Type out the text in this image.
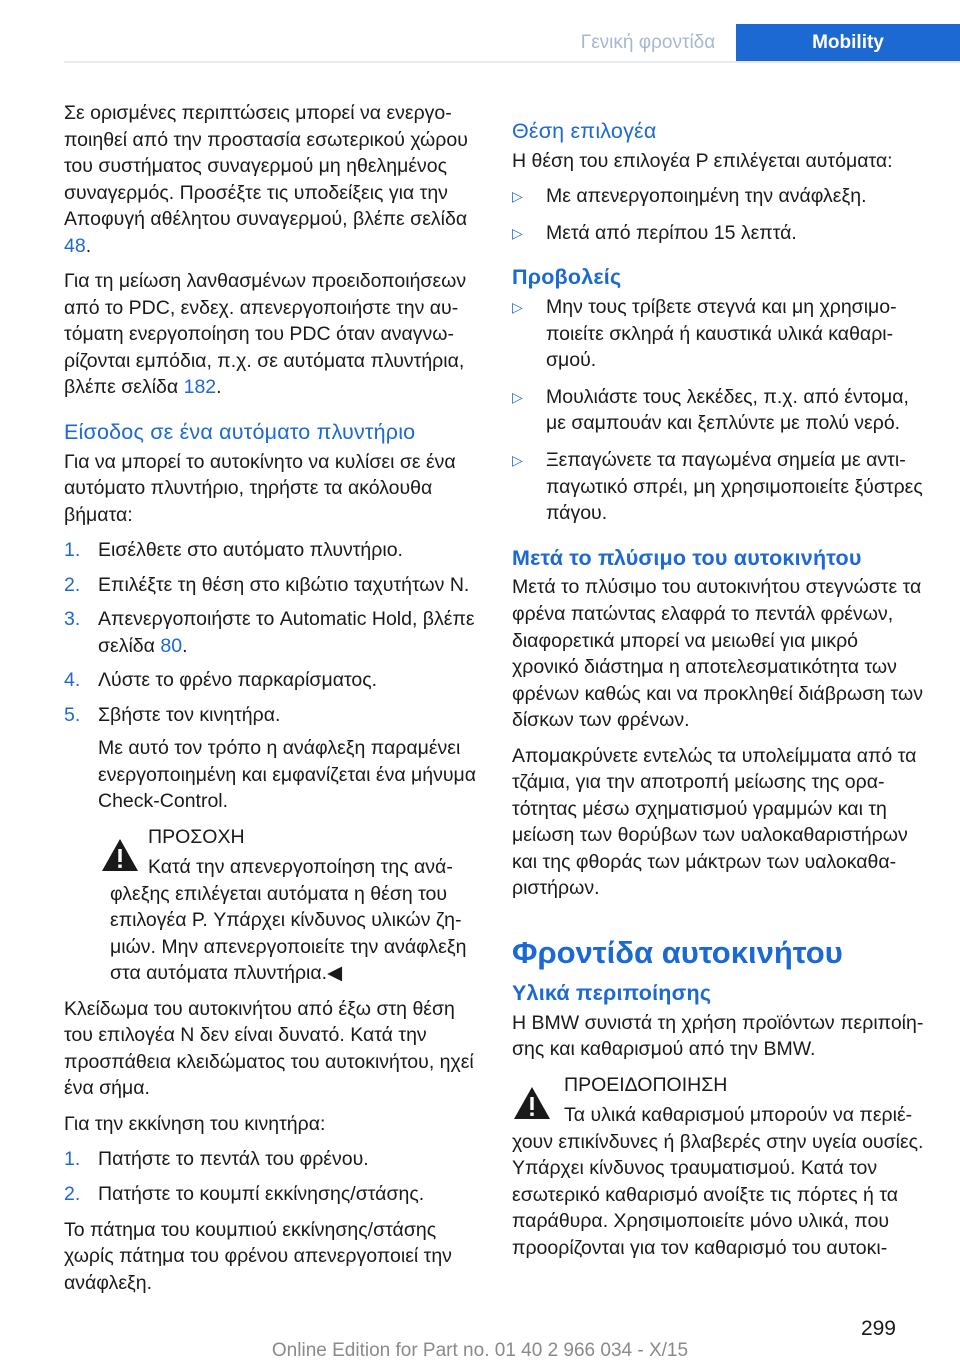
Γενική φροντίδα	Mobility

Σε ορισμένες περιπτώσεις μπορεί να ενεργοποιηθεί από την προστασία εσωτερικού χώρου του συστήματος συναγερμού μη ηθελημένος συναγερμός. Προσέξτε τις υποδείξεις για την Αποφυγή αθέλητου συναγερμού, βλέπε σελίδα 48.

Για τη μείωση λανθασμένων προειδοποιήσεων από το PDC, ενδεχ. απενεργοποιήστε την αυτόματη ενεργοποίηση του PDC όταν αναγνωρίζονται εμπόδια, π.χ. σε αυτόματα πλυντήρια, βλέπε σελίδα 182.

Είσοδος σε ένα αυτόματο πλυντήριο

Για να μπορεί το αυτοκίνητο να κυλίσει σε ένα αυτόματο πλυντήριο, τηρήστε τα ακόλουθα βήματα:

1. Εισέλθετε στο αυτόματο πλυντήριο.
2. Επιλέξτε τη θέση στο κιβώτιο ταχυτήτων N.
3. Απενεργοποιήστε το Automatic Hold, βλέπε σελίδα 80.
4. Λύστε το φρένο παρκαρίσματος.
5. Σβήστε τον κινητήρα.

Με αυτό τον τρόπο η ανάφλεξη παραμένει ενεργοποιημένη και εμφανίζεται ένα μήνυμα Check-Control.

ΠΡΟΣΟΧΗ

Κατά την απενεργοποίηση της ανάφλεξης επιλέγεται αυτόματα η θέση του επιλογέα P. Υπάρχει κίνδυνος υλικών ζημιών. Μην απενεργοποιείτε την ανάφλεξη στα αυτόματα πλυντήρια.◀

Κλείδωμα του αυτοκινήτου από έξω στη θέση του επιλογέα N δεν είναι δυνατό. Κατά την προσπάθεια κλειδώματος του αυτοκινήτου, ηχεί ένα σήμα.

Για την εκκίνηση του κινητήρα:

1. Πατήστε το πεντάλ του φρένου.
2. Πατήστε το κουμπί εκκίνησης/στάσης.

Το πάτημα του κουμπιού εκκίνησης/στάσης χωρίς πάτημα του φρένου απενεργοποιεί την ανάφλεξη.

Θέση επιλογέα

Η θέση του επιλογέα P επιλέγεται αυτόματα:

▷	Με απενεργοποιημένη την ανάφλεξη.
▷	Μετά από περίπου 15 λεπτά.
Προβολείς
▷	Μην τους τρίβετε στεγνά και μη χρησιμοποιείτε σκληρά ή καυστικά υλικά καθαρισμού.
▷	Μουλιάστε τους λεκέδες, π.χ. από έντομα, με σαμπουάν και ξεπλύντε με πολύ νερό.
▷	Ξεπαγώνετε τα παγωμένα σημεία με αντιπαγωτικό σπρέι, μη χρησιμοποιείτε ξύστρες πάγου.
Μετά το πλύσιμο του αυτοκινήτου

Μετά το πλύσιμο του αυτοκινήτου στεγνώστε τα φρένα πατώντας ελαφρά το πεντάλ φρένων, διαφορετικά μπορεί να μειωθεί για μικρό χρονικό διάστημα η αποτελεσματικότητα των φρένων καθώς και να προκληθεί διάβρωση των δίσκων των φρένων.

Απομακρύνετε εντελώς τα υπολείμματα από τα τζάμια, για την αποτροπή μείωσης της ορατότητας μέσω σχηματισμού γραμμών και τη μείωση των θορύβων των υαλοκαθαριστήρων και της φθοράς των μάκτρων των υαλοκαθαριστήρων.

Φροντίδα αυτοκινήτου
Υλικά περιποίησης

Η BMW συνιστά τη χρήση προϊόντων περιποίησης και καθαρισμού από την BMW.

ΠΡΟΕΙΔΟΠΟΙΗΣΗ

Τα υλικά καθαρισμού μπορούν να περιέχουν επικίνδυνες ή βλαβερές στην υγεία ουσίες. Υπάρχει κίνδυνος τραυματισμού. Κατά τον εσωτερικό καθαρισμό ανοίξτε τις πόρτες ή τα παράθυρα. Χρησιμοποιείτε μόνο υλικά, που προορίζονται για τον καθαρισμό του αυτοκι-

299
Online Edition for Part no. 01 40 2 966 034 - X/15
